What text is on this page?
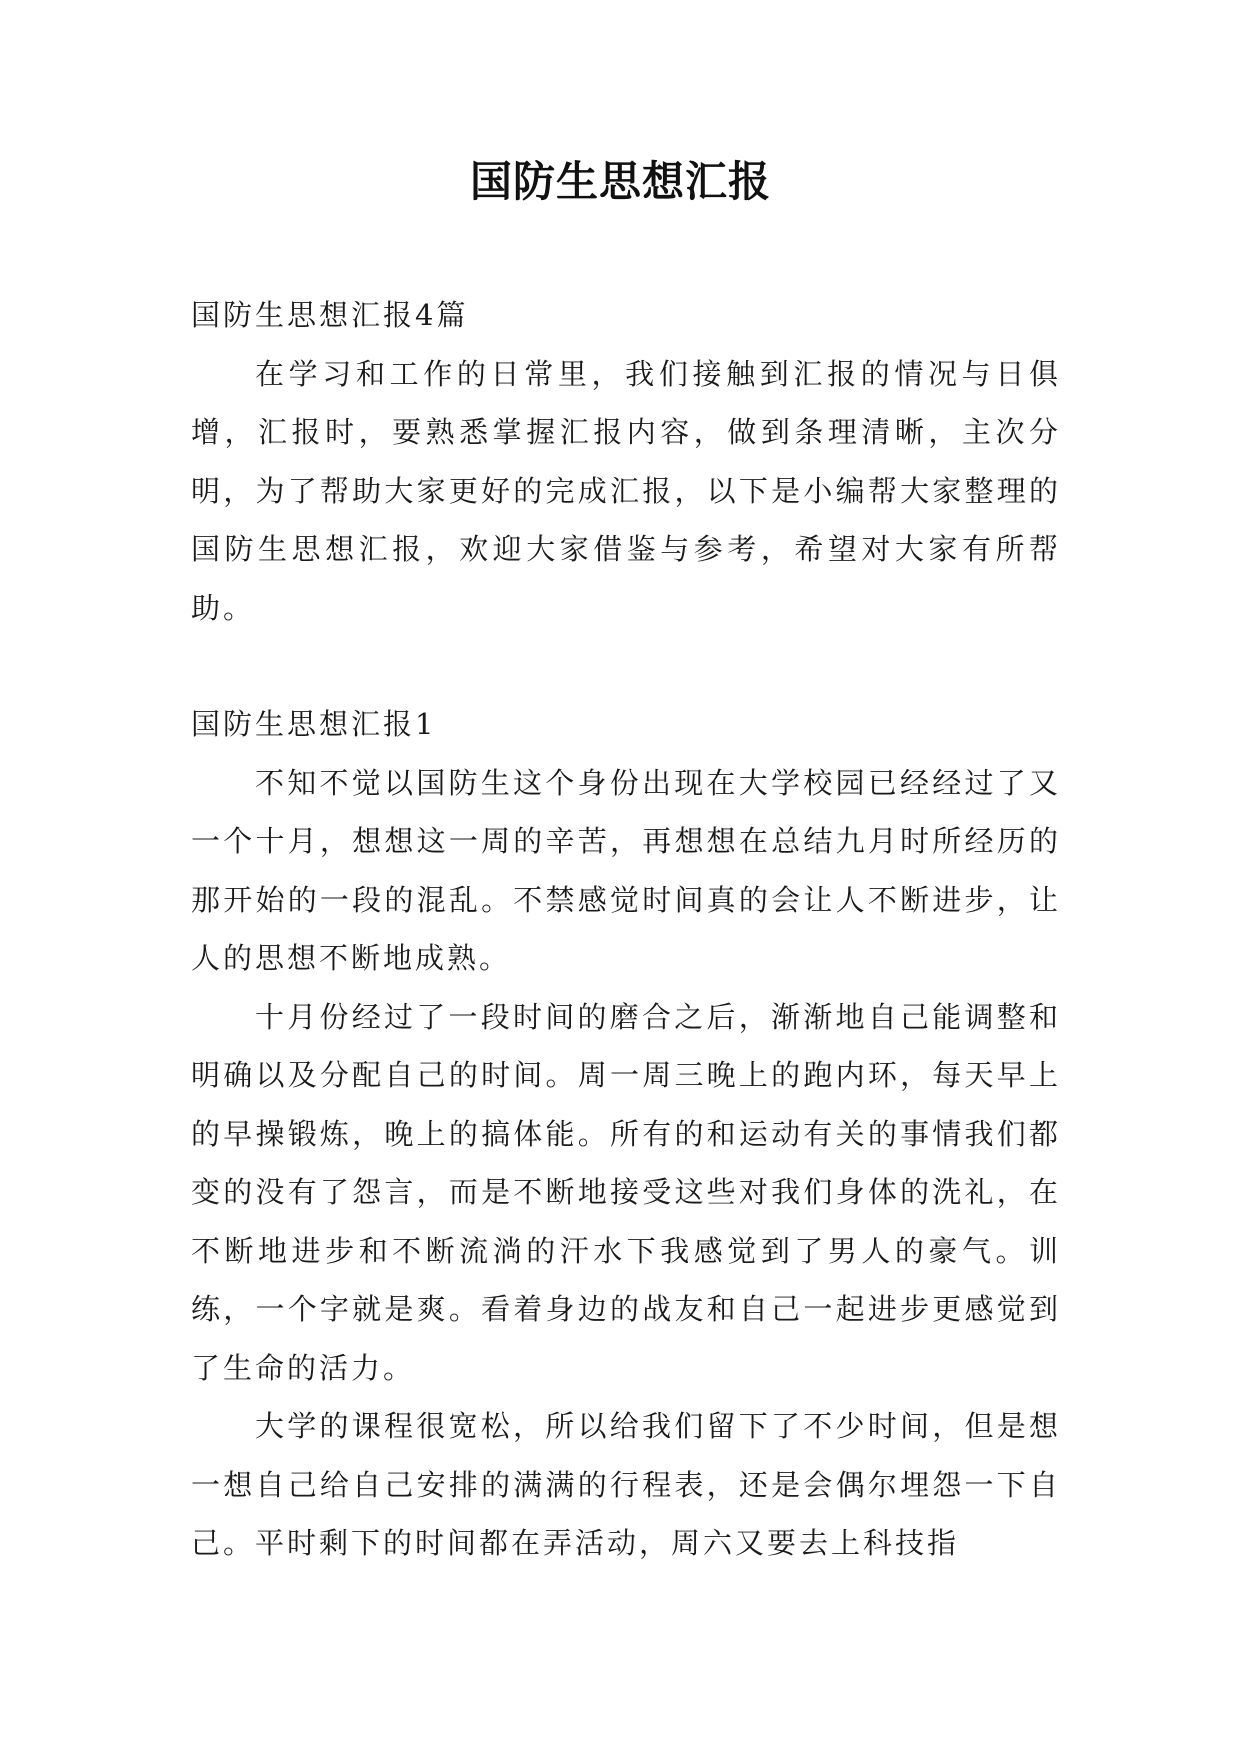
国防生思想汇报

国防生思想汇报4篇

在学习和工作的日常里，我们接触到汇报的情况与日俱增，汇报时，要熟悉掌握汇报内容，做到条理清晰，主次分明，为了帮助大家更好的完成汇报，以下是小编帮大家整理的国防生思想汇报，欢迎大家借鉴与参考，希望对大家有所帮助。

国防生思想汇报1

不知不觉以国防生这个身份出现在大学校园已经经过了又一个十月，想想这一周的辛苦，再想想在总结九月时所经历的那开始的一段的混乱。不禁感觉时间真的会让人不断进步，让 人的思想不断地成熟。

十月份经过了一段时间的磨合之后，渐渐地自己能调整和明确以及分配自己的时间。周一周三晚上的跑内环，每天早上的早操锻炼，晚上的搞体能。所有的和运动有关的事情我们都变的没有了怨言，而是不断地接受这些对我们身体的洗礼，在不断地进步和不断流淌的汗水下我感觉到了男人的豪气。训练，一个字就是爽。看着身边的战友和自己一起进步更感觉到了生命的活力。

大学的课程很宽松，所以给我们留下了不少时间，但是想一想自己给自己安排的满满的行程表，还是会偶尔埋怨一下自己。平时剩下的时间都在弄活动，周六又要去上科技指
